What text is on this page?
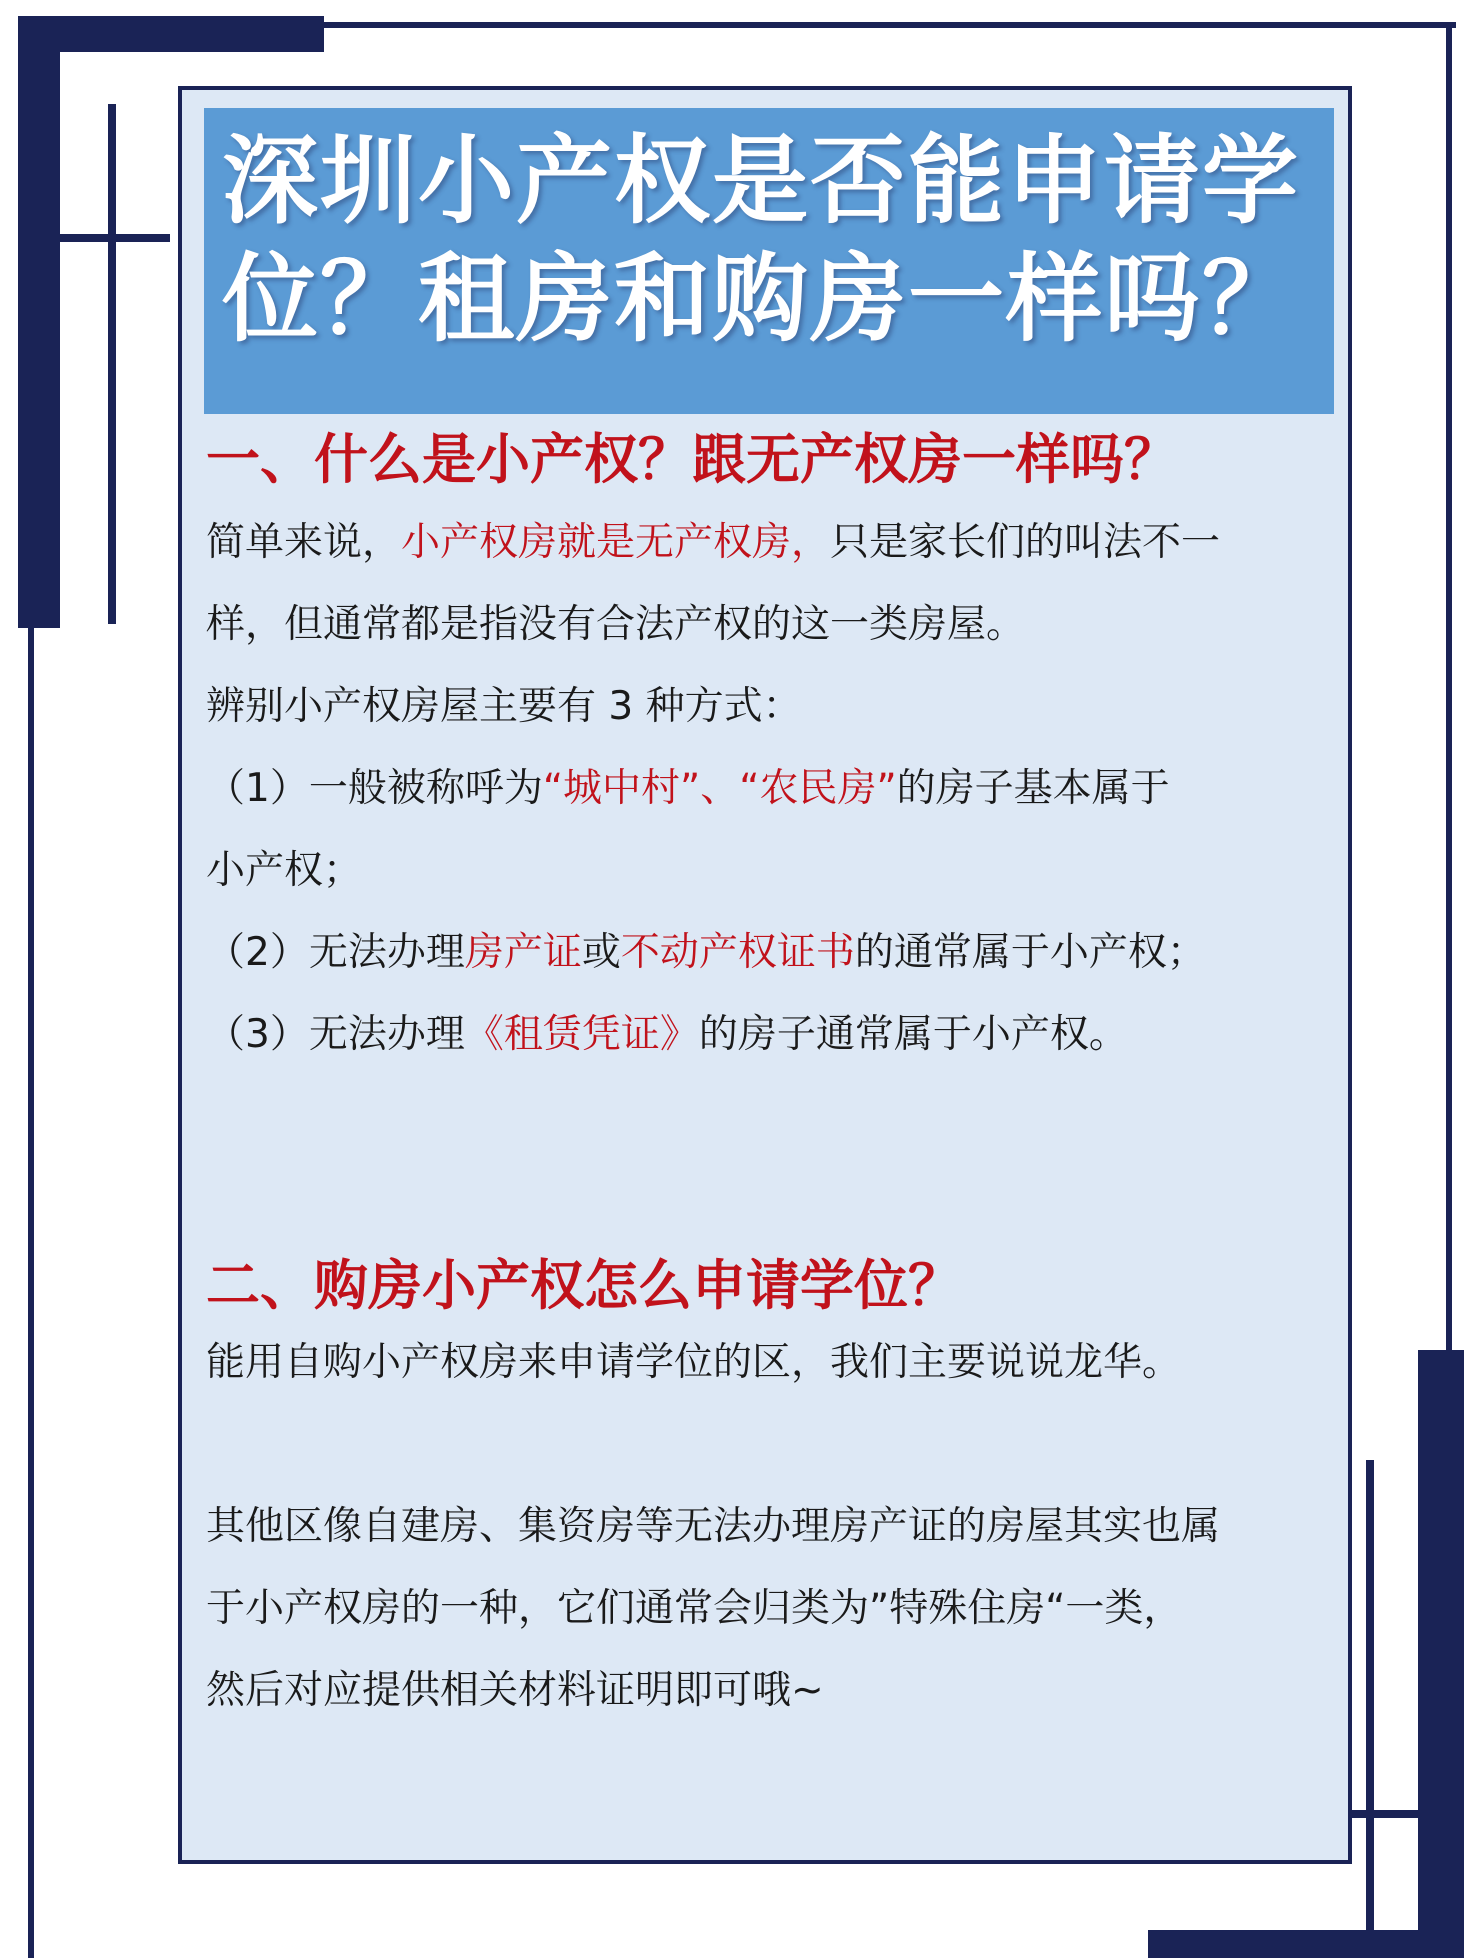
深圳小产权是否能申请学
位？租房和购房一样吗？
一、什么是小产权？跟无产权房一样吗？
简单来说，小产权房就是无产权房，只是家长们的叫法不一
样，但通常都是指没有合法产权的这一类房屋。
辨别小产权房屋主要有 3 种方式：
（1）一般被称呼为“城中村”、“农民房”的房子基本属于
小产权；
（2）无法办理房产证或不动产权证书的通常属于小产权；
（3）无法办理《租赁凭证》的房子通常属于小产权。
二、购房小产权怎么申请学位？
能用自购小产权房来申请学位的区，我们主要说说龙华。
其他区像自建房、集资房等无法办理房产证的房屋其实也属
于小产权房的一种，它们通常会归类为”特殊住房“一类，
然后对应提供相关材料证明即可哦~
